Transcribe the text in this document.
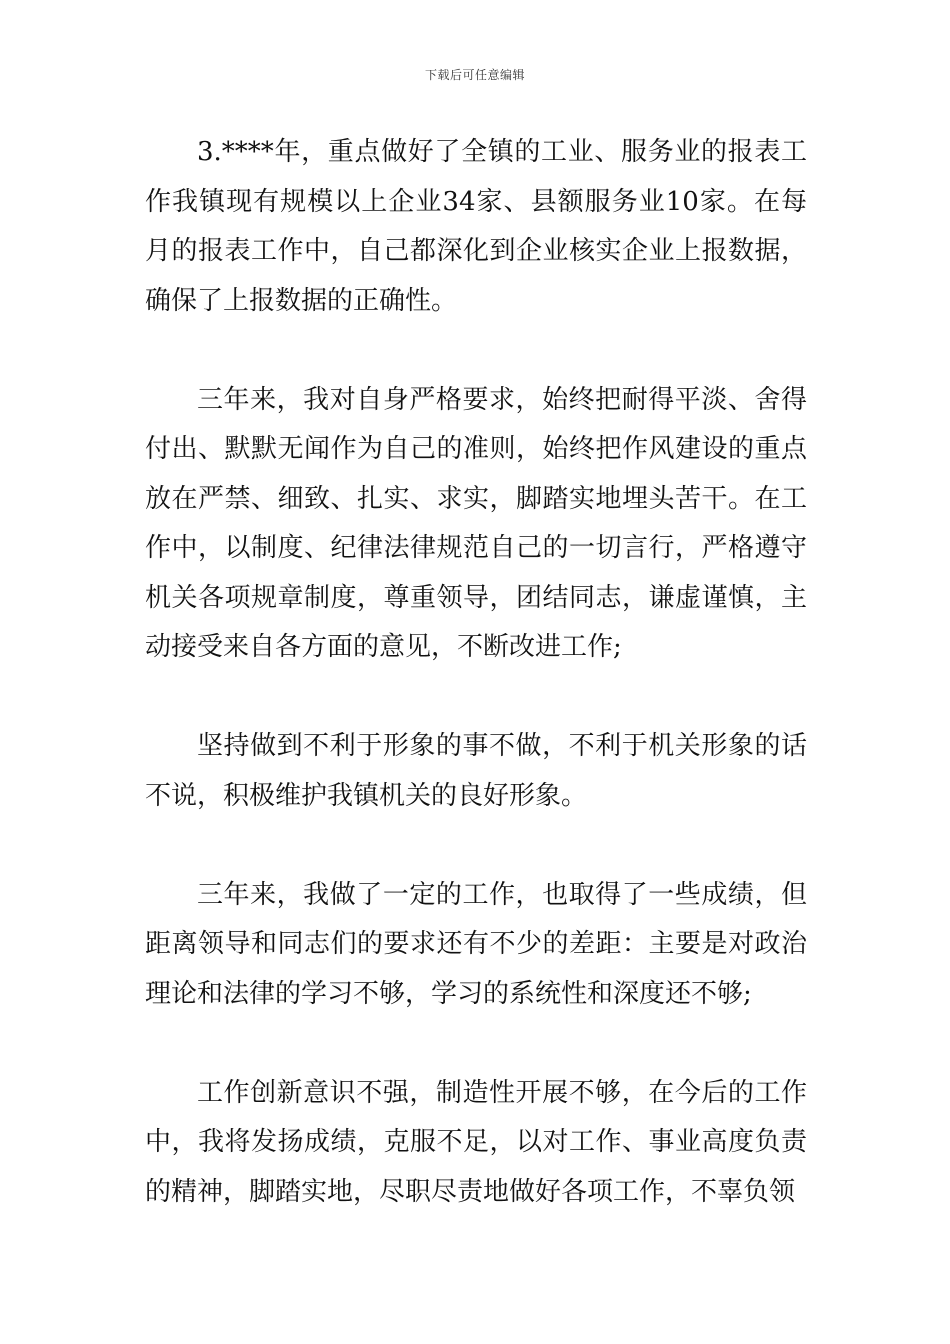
下载后可任意编辑

3.****年，重点做好了全镇的工业、服务业的报表工作我镇现有规模以上企业34家、县额服务业10家。在每月的报表工作中，自己都深化到企业核实企业上报数据，确保了上报数据的正确性。

三年来，我对自身严格要求，始终把耐得平淡、舍得付出、默默无闻作为自己的准则，始终把作风建设的重点放在严禁、细致、扎实、求实，脚踏实地埋头苦干。在工作中，以制度、纪律法律规范自己的一切言行，严格遵守机关各项规章制度，尊重领导，团结同志，谦虚谨慎，主动接受来自各方面的意见，不断改进工作;

坚持做到不利于形象的事不做，不利于机关形象的话不说，积极维护我镇机关的良好形象。

三年来，我做了一定的工作，也取得了一些成绩，但距离领导和同志们的要求还有不少的差距：主要是对政治理论和法律的学习不够，学习的系统性和深度还不够;

工作创新意识不强，制造性开展不够，在今后的工作中，我将发扬成绩，克服不足，以对工作、事业高度负责的精神，脚踏实地，尽职尽责地做好各项工作，不辜负领
